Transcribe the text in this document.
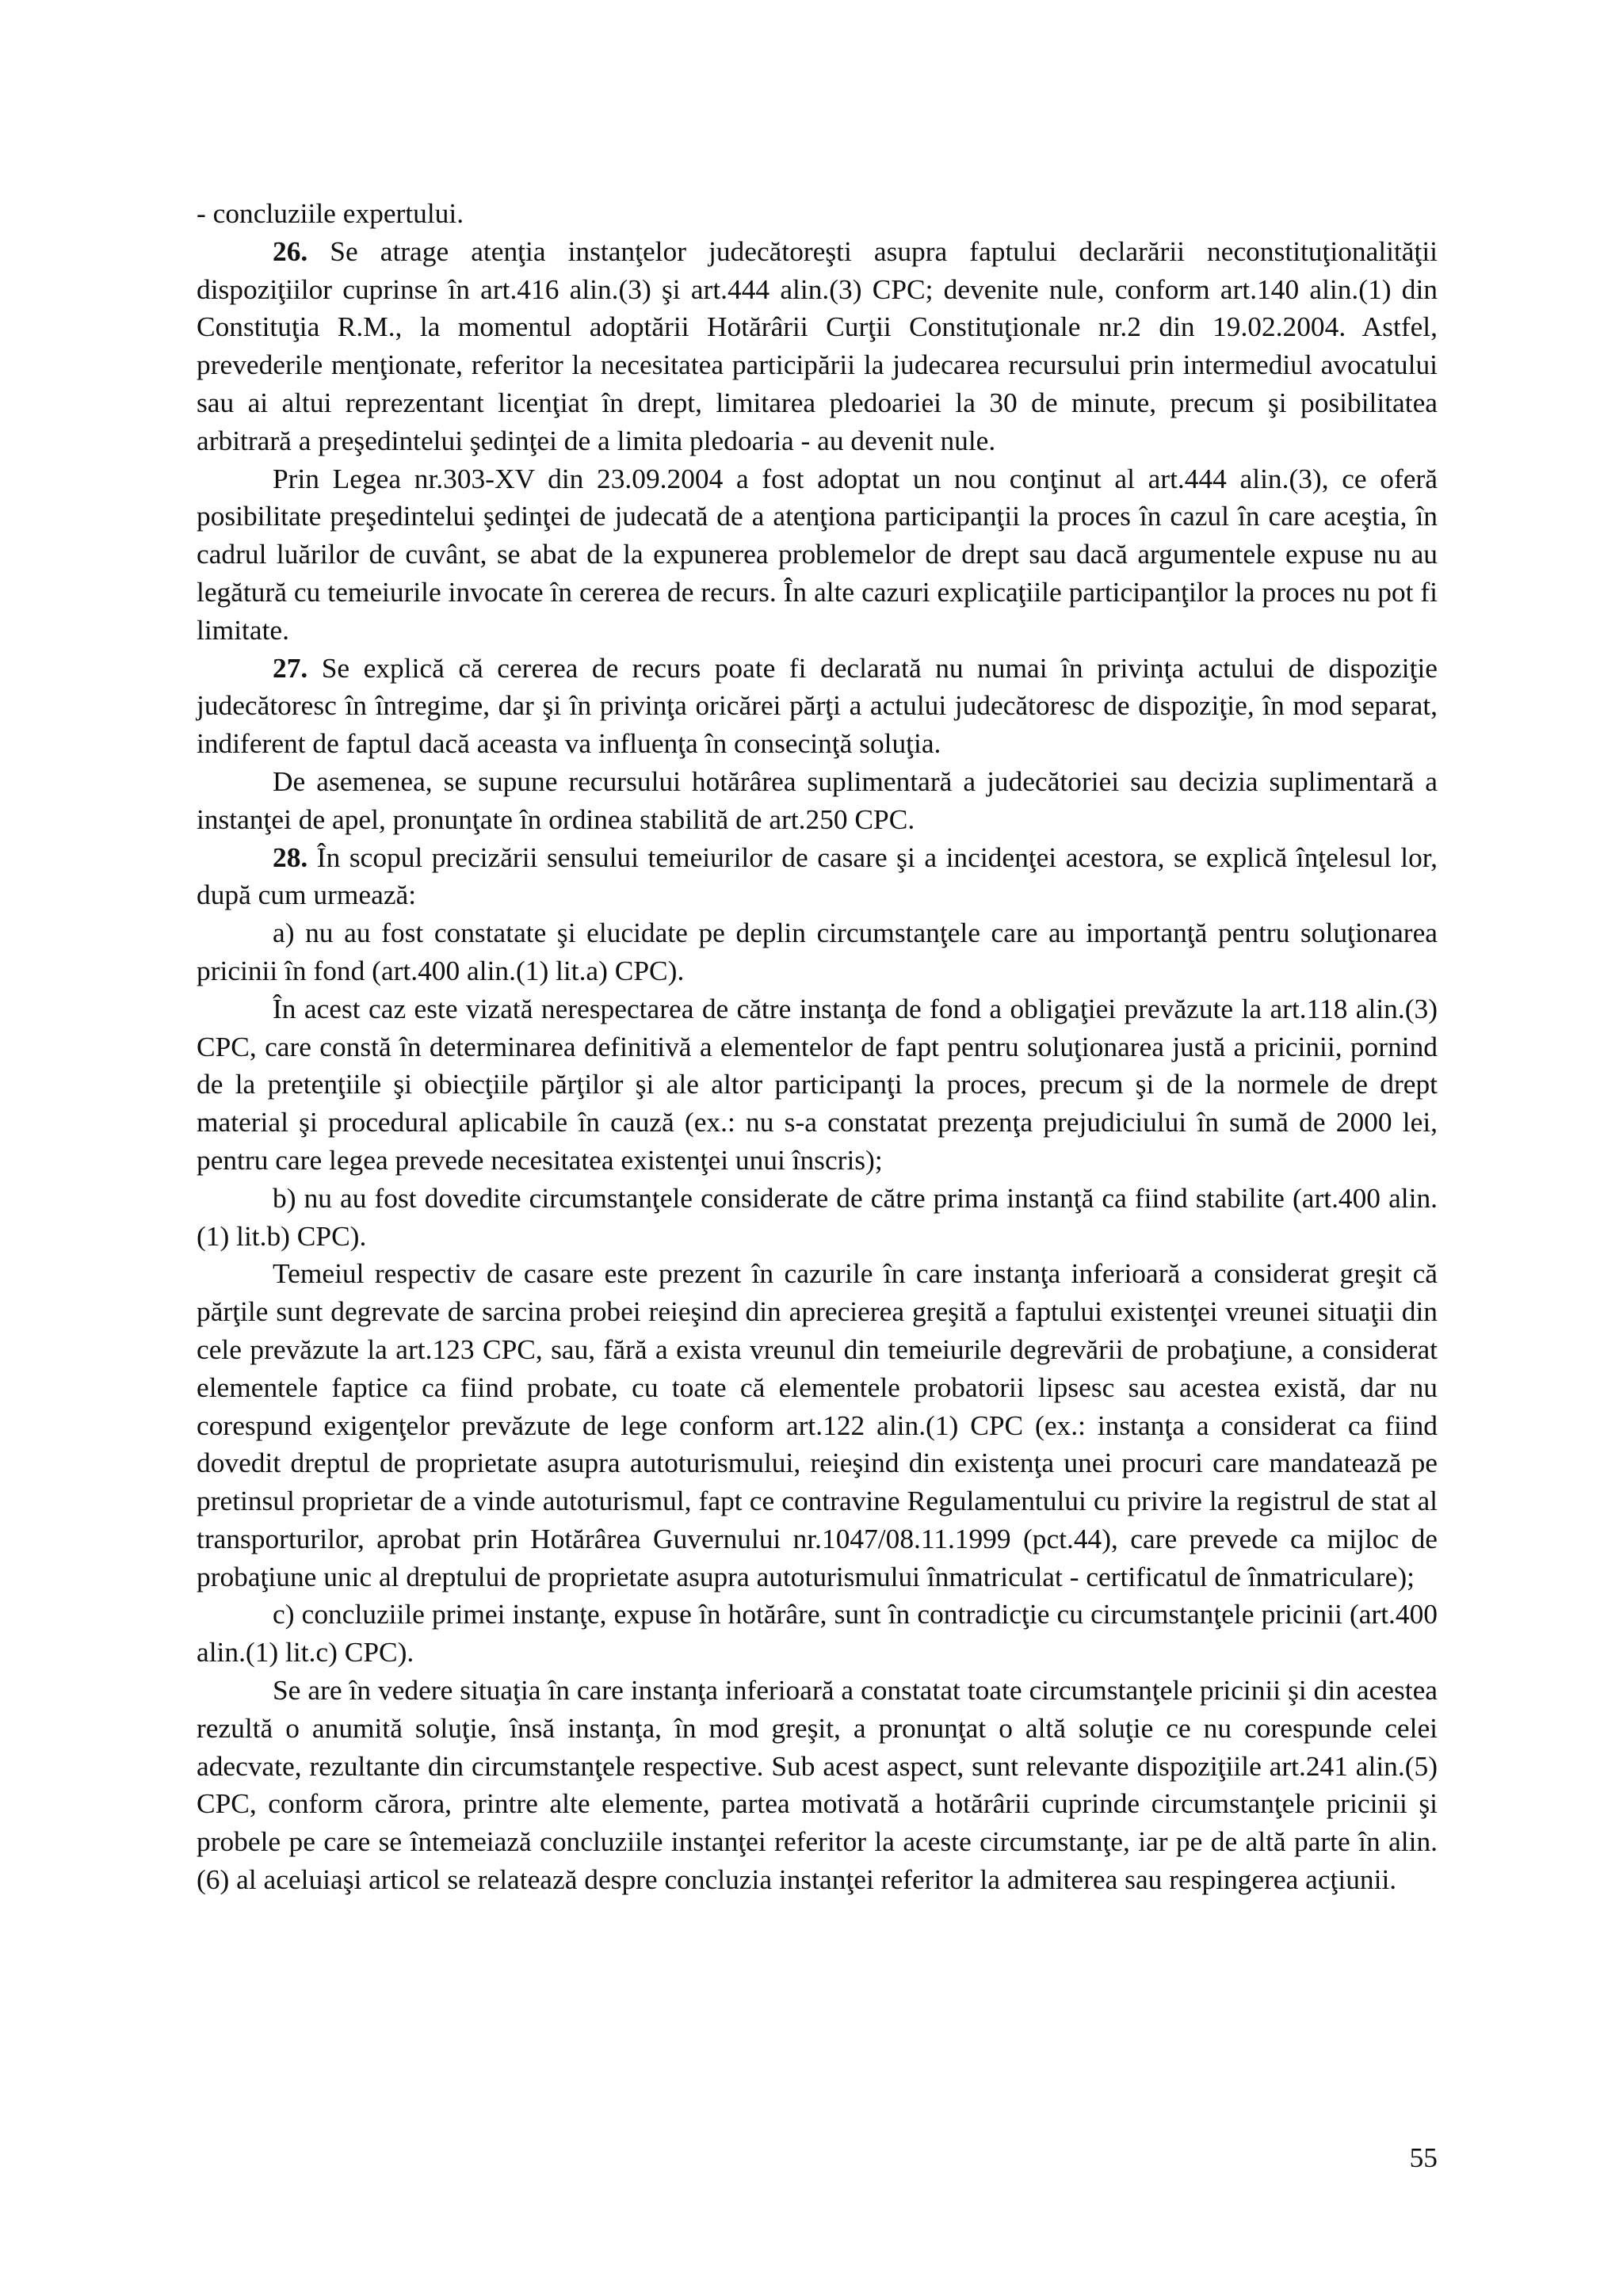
- concluziile expertului.

26. Se atrage atenţia instanţelor judecătoreşti asupra faptului declarării neconstituţionalităţii dispoziţiilor cuprinse în art.416 alin.(3) şi art.444 alin.(3) CPC; devenite nule, conform art.140 alin.(1) din Constituţia R.M., la momentul adoptării Hotărârii Curţii Constituţionale nr.2 din 19.02.2004. Astfel, prevederile menţionate, referitor la necesitatea participării la judecarea recursului prin intermediul avocatului sau ai altui reprezentant licenţiat în drept, limitarea pledoariei la 30 de minute, precum şi posibilitatea arbitrară a preşedintelui şedinţei de a limita pledoaria - au devenit nule.

Prin Legea nr.303-XV din 23.09.2004 a fost adoptat un nou conţinut al art.444 alin.(3), ce oferă posibilitate preşedintelui şedinţei de judecată de a atenţiona participanţii la proces în cazul în care aceştia, în cadrul luărilor de cuvânt, se abat de la expunerea problemelor de drept sau dacă argumentele expuse nu au legătură cu temeiurile invocate în cererea de recurs. În alte cazuri explicaţiile participanţilor la proces nu pot fi limitate.

27. Se explică că cererea de recurs poate fi declarată nu numai în privinţa actului de dispoziţie judecătoresc în întregime, dar şi în privinţa oricărei părţi a actului judecătoresc de dispoziţie, în mod separat, indiferent de faptul dacă aceasta va influenţa în consecinţă soluţia.

De asemenea, se supune recursului hotărârea suplimentară a judecătoriei sau decizia suplimentară a instanţei de apel, pronunţate în ordinea stabilită de art.250 CPC.

28. În scopul precizării sensului temeiurilor de casare şi a incidenţei acestora, se explică înţelesul lor, după cum urmează:

a) nu au fost constatate şi elucidate pe deplin circumstanţele care au importanţă pentru soluţionarea pricinii în fond (art.400 alin.(1) lit.a) CPC).

În acest caz este vizată nerespectarea de către instanţa de fond a obligaţiei prevăzute la art.118 alin.(3) CPC, care constă în determinarea definitivă a elementelor de fapt pentru soluţionarea justă a pricinii, pornind de la pretenţiile şi obiecţiile părţilor şi ale altor participanţi la proces, precum şi de la normele de drept material şi procedural aplicabile în cauză (ex.: nu s-a constatat prezenţa prejudiciului în sumă de 2000 lei, pentru care legea prevede necesitatea existenţei unui înscris);

b) nu au fost dovedite circumstanţele considerate de către prima instanţă ca fiind stabilite (art.400 alin.(1) lit.b) CPC).

Temeiul respectiv de casare este prezent în cazurile în care instanţa inferioară a considerat greşit că părţile sunt degrevate de sarcina probei reieşind din aprecierea greşită a faptului existenţei vreunei situaţii din cele prevăzute la art.123 CPC, sau, fără a exista vreunul din temeiurile degrevării de probaţiune, a considerat elementele faptice ca fiind probate, cu toate că elementele probatorii lipsesc sau acestea există, dar nu corespund exigenţelor prevăzute de lege conform art.122 alin.(1) CPC (ex.: instanţa a considerat ca fiind dovedit dreptul de proprietate asupra autoturismului, reieşind din existenţa unei procuri care mandatează pe pretinsul proprietar de a vinde autoturismul, fapt ce contravine Regulamentului cu privire la registrul de stat al transporturilor, aprobat prin Hotărârea Guvernului nr.1047/08.11.1999 (pct.44), care prevede ca mijloc de probaţiune unic al dreptului de proprietate asupra autoturismului înmatriculat - certificatul de înmatriculare);

c) concluziile primei instanţe, expuse în hotărâre, sunt în contradicţie cu circumstanţele pricinii (art.400 alin.(1) lit.c) CPC).

Se are în vedere situaţia în care instanţa inferioară a constatat toate circumstanţele pricinii şi din acestea rezultă o anumită soluţie, însă instanţa, în mod greşit, a pronunţat o altă soluţie ce nu corespunde celei adecvate, rezultante din circumstanţele respective. Sub acest aspect, sunt relevante dispoziţiile art.241 alin.(5) CPC, conform cărora, printre alte elemente, partea motivată a hotărârii cuprinde circumstanţele pricinii şi probele pe care se întemeiază concluziile instanţei referitor la aceste circumstanţe, iar pe de altă parte în alin.(6) al aceluiaşi articol se relatează despre concluzia instanţei referitor la admiterea sau respingerea acţiunii.

55
